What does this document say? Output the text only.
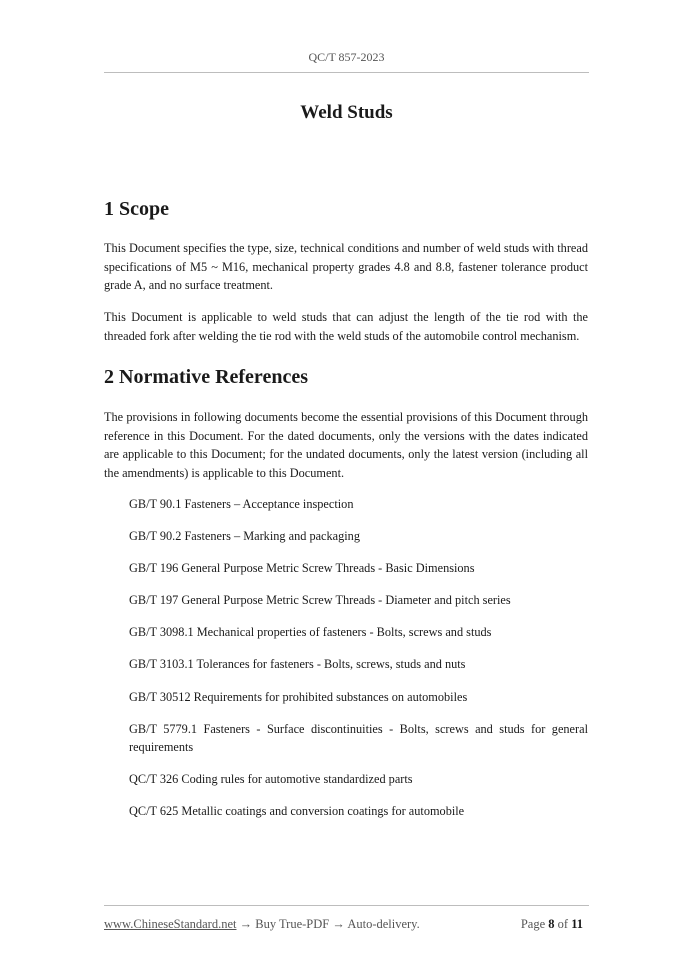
QC/T 857-2023
Weld Studs
1 Scope

This Document specifies the type, size, technical conditions and number of weld studs with thread specifications of M5 ~ M16, mechanical property grades 4.8 and 8.8, fastener tolerance product grade A, and no surface treatment.

This Document is applicable to weld studs that can adjust the length of the tie rod with the threaded fork after welding the tie rod with the weld studs of the automobile control mechanism.

2 Normative References

The provisions in following documents become the essential provisions of this Document through reference in this Document. For the dated documents, only the versions with the dates indicated are applicable to this Document; for the undated documents, only the latest version (including all the amendments) is applicable to this Document.

GB/T 90.1 Fasteners – Acceptance inspection
GB/T 90.2 Fasteners – Marking and packaging
GB/T 196 General Purpose Metric Screw Threads - Basic Dimensions
GB/T 197 General Purpose Metric Screw Threads - Diameter and pitch series
GB/T 3098.1 Mechanical properties of fasteners - Bolts, screws and studs
GB/T 3103.1 Tolerances for fasteners - Bolts, screws, studs and nuts
GB/T 30512 Requirements for prohibited substances on automobiles
GB/T 5779.1 Fasteners - Surface discontinuities - Bolts, screws and studs for general requirements
QC/T 326 Coding rules for automotive standardized parts
QC/T 625 Metallic coatings and conversion coatings for automobile
www.ChineseStandard.net → Buy True-PDF → Auto-delivery.	Page 8 of 11
